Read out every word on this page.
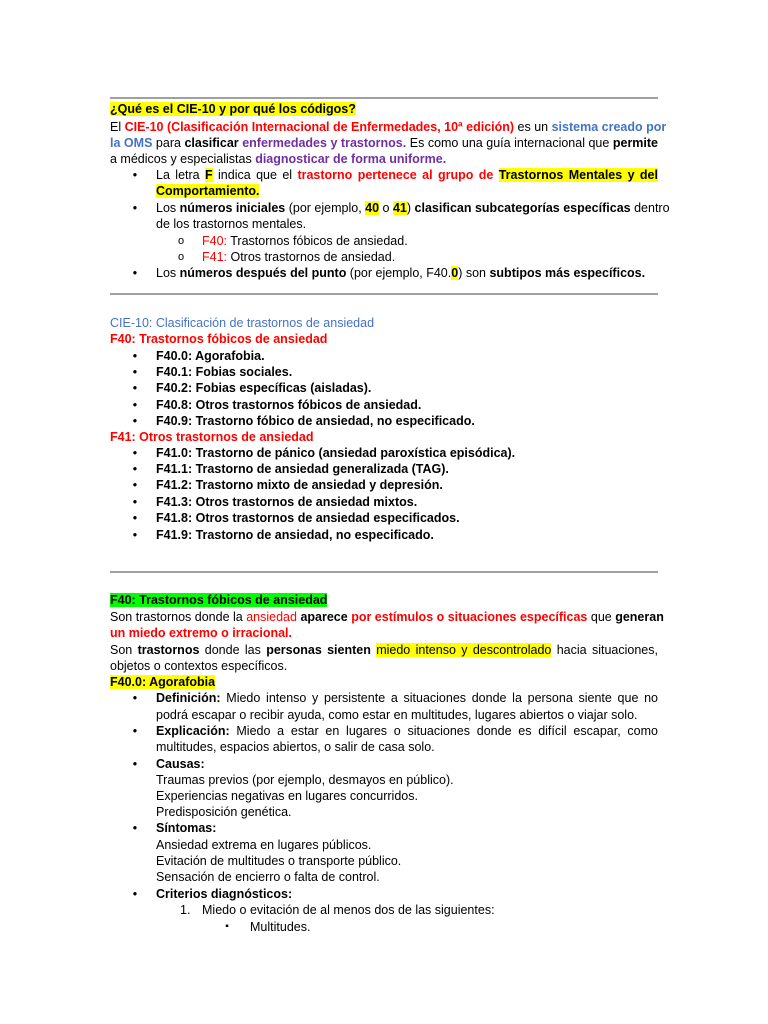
¿Qué es el CIE-10 y por qué los códigos?
El CIE-10 (Clasificación Internacional de Enfermedades, 10ª edición) es un sistema creado por
la OMS para clasificar enfermedades y trastornos. Es como una guía internacional que permite
a médicos y especialistas diagnosticar de forma uniforme.
• La letra F indica que el trastorno pertenece al grupo de Trastornos Mentales y del
Comportamiento.
• Los números iniciales (por ejemplo, 40 o 41) clasifican subcategorías específicas dentro
de los trastornos mentales.
o F40: Trastornos fóbicos de ansiedad.
o F41: Otros trastornos de ansiedad.
• Los números después del punto (por ejemplo, F40.0) son subtipos más específicos.
CIE-10: Clasificación de trastornos de ansiedad
F40: Trastornos fóbicos de ansiedad
• F40.0: Agorafobia.
• F40.1: Fobias sociales.
• F40.2: Fobias específicas (aisladas).
• F40.8: Otros trastornos fóbicos de ansiedad.
• F40.9: Trastorno fóbico de ansiedad, no especificado.
F41: Otros trastornos de ansiedad
• F41.0: Trastorno de pánico (ansiedad paroxística episódica).
• F41.1: Trastorno de ansiedad generalizada (TAG).
• F41.2: Trastorno mixto de ansiedad y depresión.
• F41.3: Otros trastornos de ansiedad mixtos.
• F41.8: Otros trastornos de ansiedad especificados.
• F41.9: Trastorno de ansiedad, no especificado.
F40: Trastornos fóbicos de ansiedad
Son trastornos donde la ansiedad aparece por estímulos o situaciones específicas que generan
un miedo extremo o irracional.
Son trastornos donde las personas sienten miedo intenso y descontrolado hacia situaciones,
objetos o contextos específicos.
F40.0: Agorafobia
• Definición: Miedo intenso y persistente a situaciones donde la persona siente que no
podrá escapar o recibir ayuda, como estar en multitudes, lugares abiertos o viajar solo.
• Explicación: Miedo a estar en lugares o situaciones donde es difícil escapar, como
multitudes, espacios abiertos, o salir de casa solo.
• Causas:
Traumas previos (por ejemplo, desmayos en público).
Experiencias negativas en lugares concurridos.
Predisposición genética.
• Síntomas:
Ansiedad extrema en lugares públicos.
Evitación de multitudes o transporte público.
Sensación de encierro o falta de control.
• Criterios diagnósticos:
1. Miedo o evitación de al menos dos de las siguientes:
▪ Multitudes.
